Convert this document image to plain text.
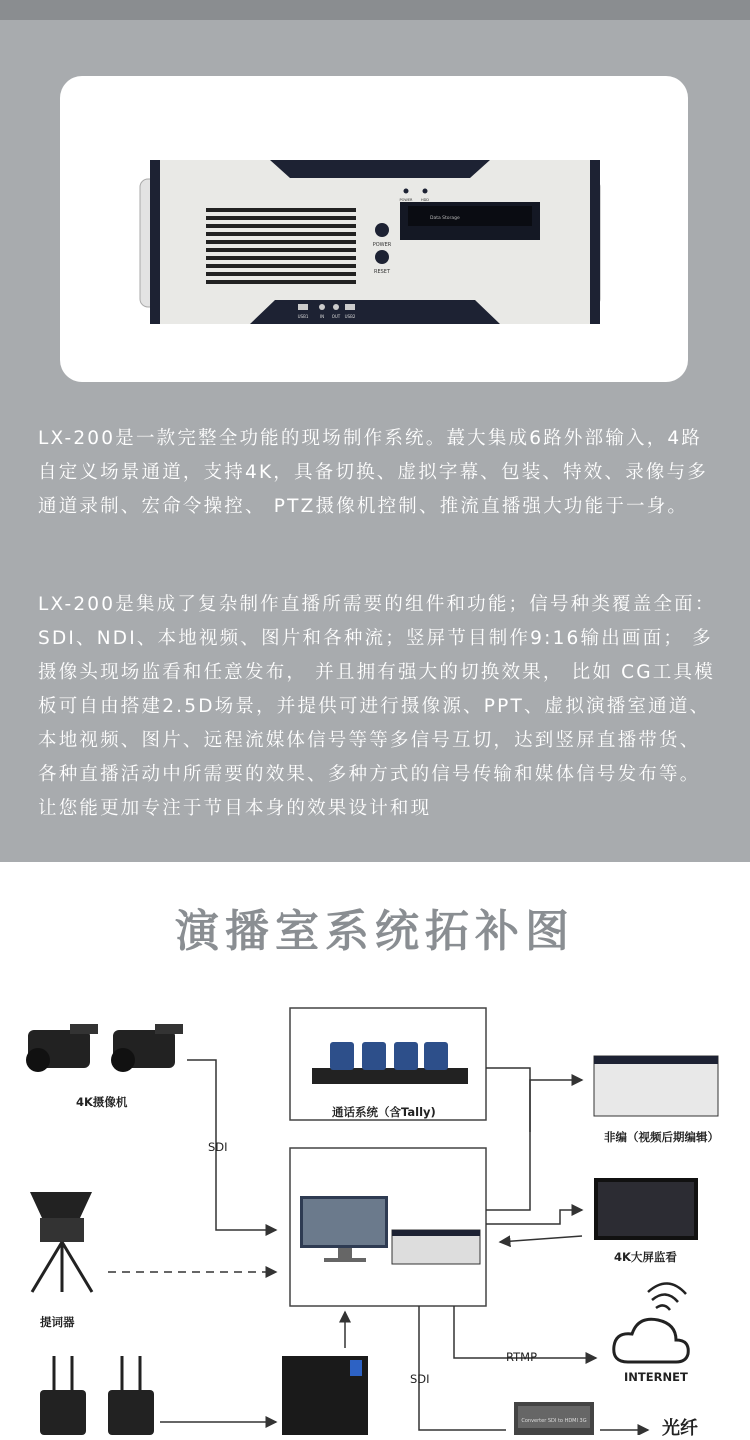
POWER
RESET
POWER HDD
Data Storage
USB1	IN OUT USB2

LX-200是一款完整全功能的现场制作系统。蕞大集成6路外部输入，4路自定义场景通道，支持4K，具备切换、虚拟字幕、包装、特效、录像与多通道录制、宏命令操控、 PTZ摄像机控制、推流直播强大功能于一身。

LX-200是集成了复杂制作直播所需要的组件和功能；信号种类覆盖全面：SDI、NDI、本地视频、图片和各种流；竖屏节目制作9:16输出画面； 多摄像头现场监看和任意发布， 并且拥有强大的切换效果， 比如 CG工具模板可自由搭建2.5D场景，并提供可进行摄像源、PPT、虚拟演播室通道、本地视频、图片、远程流媒体信号等等多信号互切，达到竖屏直播带货、各种直播活动中所需要的效果、多种方式的信号传输和媒体信号发布等。让您能更加专注于节目本身的效果设计和现

演播室系统拓补图
Converter SDI to HDMI 3G
4K摄像机
SDI
通话系统（含Tally)
非编（视频后期编辑）
4K大屏监看
提词器
RTMP
INTERNET
SDI
光纤
